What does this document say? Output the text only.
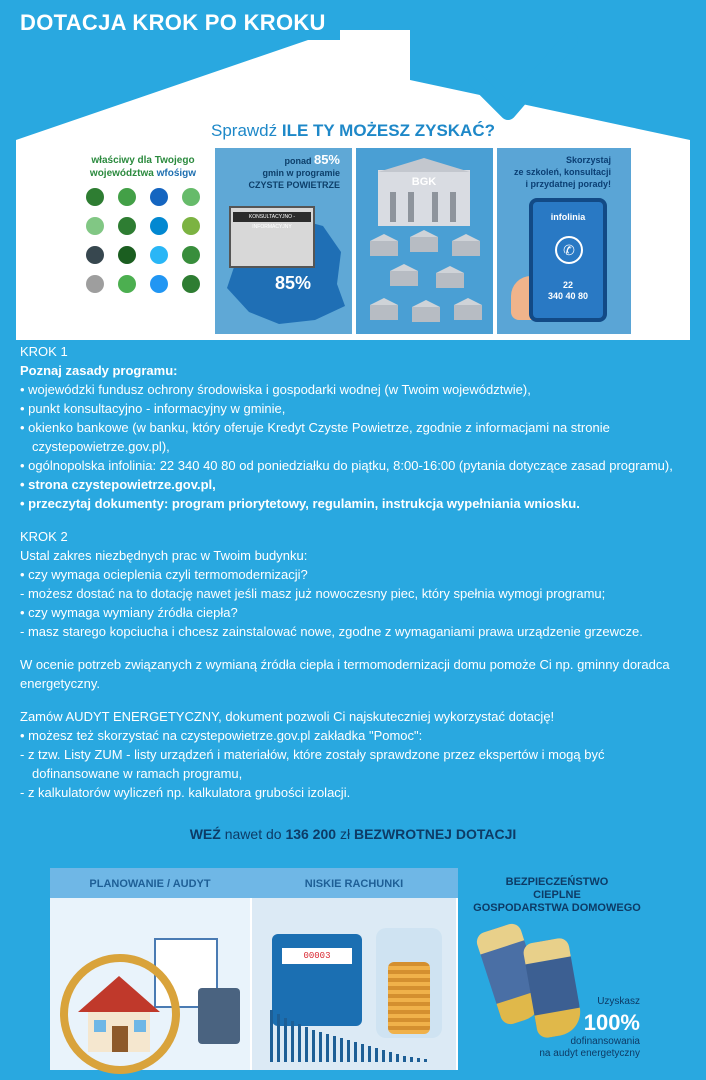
DOTACJA KROK PO KROKU
Sprawdź ILE TY MOŻESZ ZYSKAĆ?
właściwy dla Twojego
województwa wfośigw
ponad 85%
gmin w programie
CZYSTE POWIETRZE
KONSULTACYJNO - INFORMACYJNY
85%
BGK
Skorzystaj
ze szkoleń, konsultacji
i przydatnej porady!
infolinia
✆
22
340 40 80

KROK 1

Poznaj zasady programu:

• wojewódzki fundusz ochrony środowiska i gospodarki wodnej (w Twoim województwie),

• punkt konsultacyjno - informacyjny w gminie,

• okienko bankowe (w banku, który oferuje Kredyt Czyste Powietrze, zgodnie z informacjami na stronie czystepowietrze.gov.pl),

• ogólnopolska infolinia: 22 340 40 80 od poniedziałku do piątku, 8:00-16:00 (pytania dotyczące zasad programu),

• strona czystepowietrze.gov.pl,

• przeczytaj dokumenty: program priorytetowy, regulamin, instrukcja wypełniania wniosku.

KROK 2

Ustal zakres niezbędnych prac w Twoim budynku:

• czy wymaga ocieplenia czyli termomodernizacji?

- możesz dostać na to dotację nawet jeśli masz już nowoczesny piec, który spełnia wymogi programu;

• czy wymaga wymiany źródła ciepła?

- masz starego kopciucha i chcesz zainstalować nowe, zgodne z wymaganiami prawa urządzenie grzewcze.

W ocenie potrzeb związanych z wymianą źródła ciepła i termomodernizacji domu pomoże Ci np. gminny doradca energetyczny.

Zamów AUDYT ENERGETYCZNY, dokument pozwoli Ci najskuteczniej wykorzystać dotację!

• możesz też skorzystać na czystepowietrze.gov.pl zakładka "Pomoc":

- z tzw. Listy ZUM - listy urządzeń i materiałów, które zostały sprawdzone przez ekspertów i mogą być dofinansowane w ramach programu,

- z kalkulatorów wyliczeń np. kalkulatora grubości izolacji.

WEŹ nawet do 136 200 zł BEZWROTNEJ DOTACJI
PLANOWANIE / AUDYT
00003
NISKIE RACHUNKI	BEZPIECZEŃSTWO
CIEPLNE
GOSPODARSTWA DOMOWEGO
Uzyskasz
100%
dofinansowania
na audyt energetyczny
